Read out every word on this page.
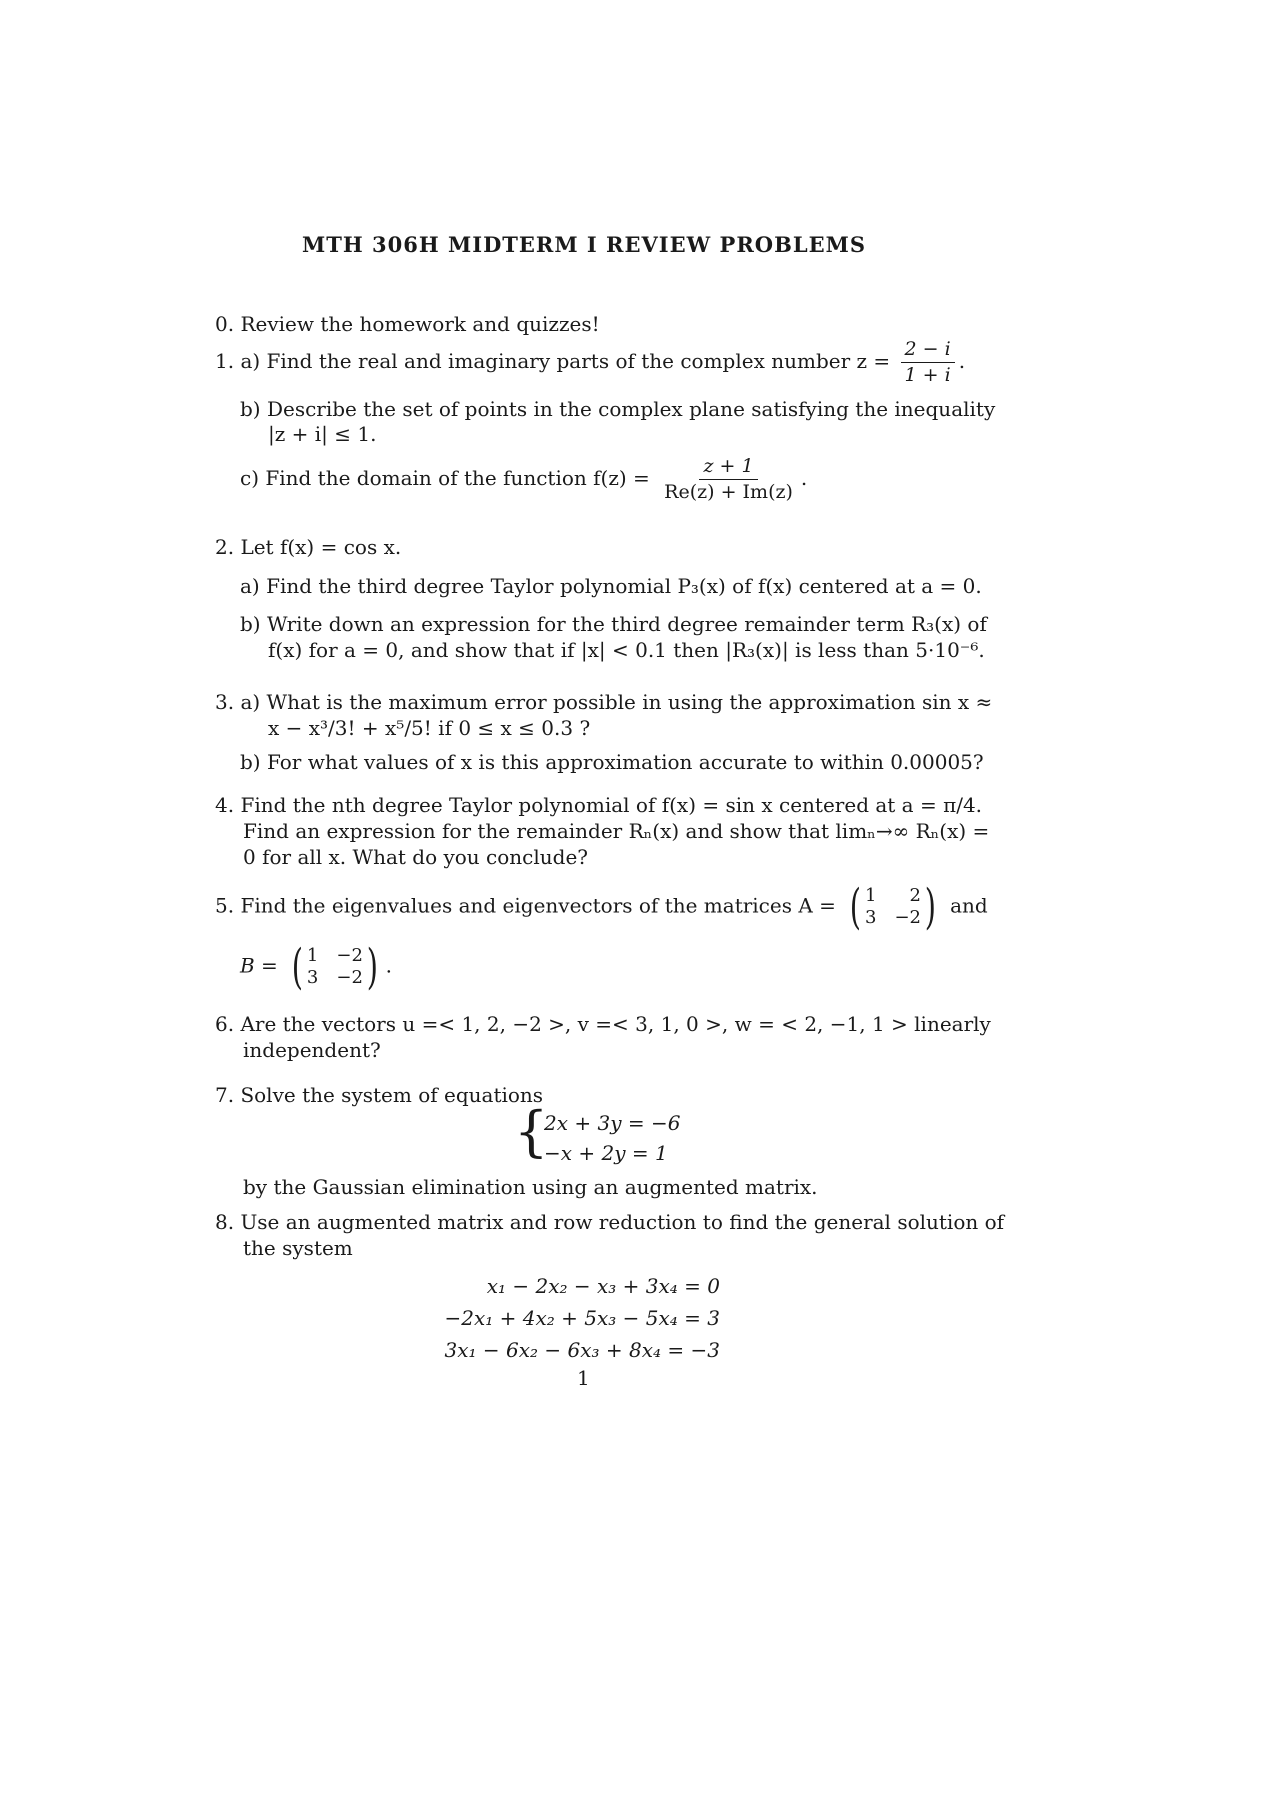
MTH 306H MIDTERM I REVIEW PROBLEMS
0. Review the homework and quizzes!
1. a) Find the real and imaginary parts of the complex number $z = \frac{2 - i}{1 + i}$ .
b) Describe the set of points in the complex plane satisfying the inequality
|z + i| ≤ 1.
c) Find the domain of the function $f(z) = \frac{z + 1}{Re(z) + Im(z)}$ .
2. Let f(x) = cos x.
a) Find the third degree Taylor polynomial P₃(x) of f(x) centered at a = 0.
b) Write down an expression for the third degree remainder term R₃(x) of
f(x) for a = 0, and show that if |x| < 0.1 then |R₃(x)| is less than 5·10⁻⁶.
3. a) What is the maximum error possible in using the approximation sin x ≈
x − x³/3! + x⁵/5! if 0 ≤ x ≤ 0.3 ?
b) For what values of x is this approximation accurate to within 0.00005?
4. Find the nth degree Taylor polynomial of f(x) = sin x centered at a = π/4.
Find an expression for the remainder Rₙ(x) and show that limₙ→∞ Rₙ(x) =
0 for all x. What do you conclude?
5. Find the eigenvalues and eigenvectors of the matrices A = ( 1	2
3 −2 ) and
B = ( 1 −2
3 −2 ) .
6. Are the vectors u =< 1, 2, −2 >, v =< 3, 1, 0 >, w = < 2, −1, 1 > linearly
independent?
7. Solve the system of equations
{
2x + 3y = −6
−x + 2y = 1
by the Gaussian elimination using an augmented matrix.
8. Use an augmented matrix and row reduction to find the general solution of
the system
x₁ − 2x₂ − x₃ + 3x₄ = 0
−2x₁ + 4x₂ + 5x₃ − 5x₄ = 3
3x₁ − 6x₂ − 6x₃ + 8x₄ = −3
1
